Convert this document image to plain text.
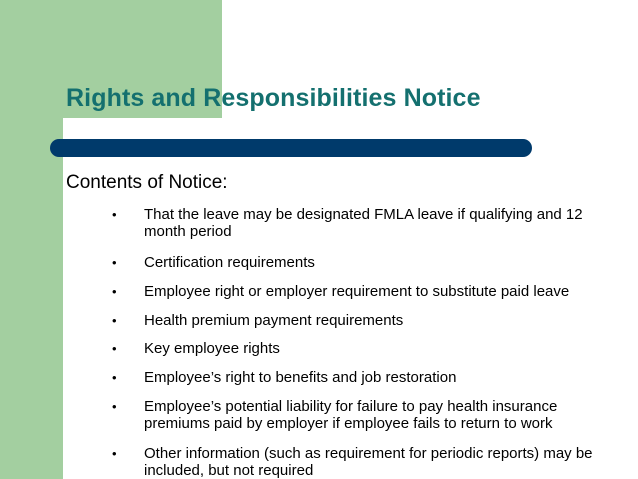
Rights and Responsibilities Notice

Contents of Notice:

• That the leave may be designated FMLA leave if qualifying and 12 month period
• Certification requirements
• Employee right or employer requirement to substitute paid leave
• Health premium payment requirements
• Key employee rights
• Employee’s right to benefits and job restoration
• Employee’s potential liability for failure to pay health insurance premiums paid by employer if employee fails to return to work
• Other information (such as requirement for periodic reports) may be included, but not required
